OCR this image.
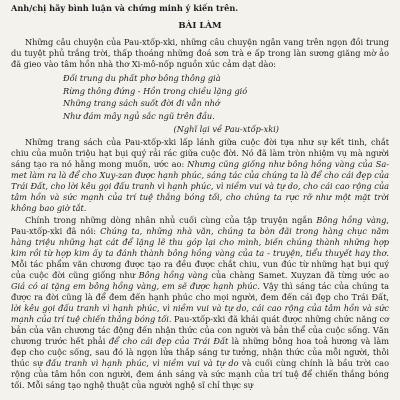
Anh/chị hãy bình luận và chứng minh ý kiến trên.
BÀI LÀM

Những câu chuyện của Pau-xtốp-xki, những câu chuyện ngân vang trên ngọn đồi trung du tuyệt phủ trắng trời, thấp thoáng những đoá sơn trà e ấp trong làn sương giăng mờ ảo đã gieo vào tâm hồn nhà thơ Xi-mô-nốp nguồn xúc cảm dạt dào:

Đối trung du phất phơ bông thông già
Rừng thông đứng - Hồn trong chiều lặng gió
Những trang sách suốt đời đi vẫn nhớ
Như đám mây ngủ sắc ngũ trên đầu.
(Nghĩ lại về Pau-xtốp-xki)

Những trang sách của Pau-xtốp-xki lấp lánh giữa cuộc đời tựa như sự kết tinh, chắt chiu của muôn triệu hạt bụi quý rải rác giữa cuộc đời. Nó đã làm tròn nhiệm vụ mà người sáng tạo ra nó hằng mong muốn, ước ao: Nhưng cũng giống như bông hồng vàng của Sa-met làm ra là để cho Xuy-zan được hạnh phúc, sáng tác của chúng ta là để cho cái đẹp của Trái Đất, cho lời kêu gọi đấu tranh vì hạnh phúc, vì niềm vui và tự do, cho cái cao rộng của tâm hồn và sức mạnh của trí tuệ thắng bóng tối, cho chúng ta rực rỡ như một mặt trời không bao giờ tắt.

Chính trong những dòng nhân nhủ cuối cùng của tập truyện ngắn Bông hồng vàng, Pau-xtốp-xki đã nói: Chúng ta, những nhà văn, chúng ta bòn đãi trong hàng chục năm hàng triệu những hạt cát để lặng lẽ thu góp lại cho mình, biến chúng thành những hợp kim rồi từ hợp kim ấy ta đánh thành bông hồng vàng của ta - truyện, tiểu thuyết hay thơ. Mỗi tác phẩm văn chương được tạo ra đều được chắt chiu, vun đúc từ những hạt bụi quý của cuộc đời cũng giống như Bông hồng vàng của chàng Samet. Xuyzan đã từng ước ao Giá có ai tặng em bông hồng vàng, em sẽ được hạnh phúc. Vậy thì sáng tác của chúng ta được ra đời cũng là để đem đến hạnh phúc cho mọi người, đem đến cái đẹp cho Trái Đất, lời kêu gọi đấu tranh vì hạnh phúc, vì niềm vui và tự do, cái cao rộng của tâm hồn và sức mạnh của trí tuệ chiến thắng bóng tối. Pau-xtốp-xki đã khái quát được những chức năng cơ bản của văn chương tác động đến nhận thức của con người và bản thể của cuộc sống. Văn chương trước hết phải để cho cái đẹp của Trái Đất là những bông hoa toả hương và làm đẹp cho cuộc sống, sau đó là ngọn lửa thắp sáng tư tưởng, nhận thức của mỗi người, thôi thúc sự đấu tranh vì hạnh phúc, vì niềm vui và tự do và cuối cùng chính là bầu trời cao rộng của tâm hồn con người, đem ánh sáng và sức mạnh của trí tuệ để chiến thắng bóng tối. Mỗi sáng tạo nghệ thuật của người nghệ sĩ chỉ thực sự
